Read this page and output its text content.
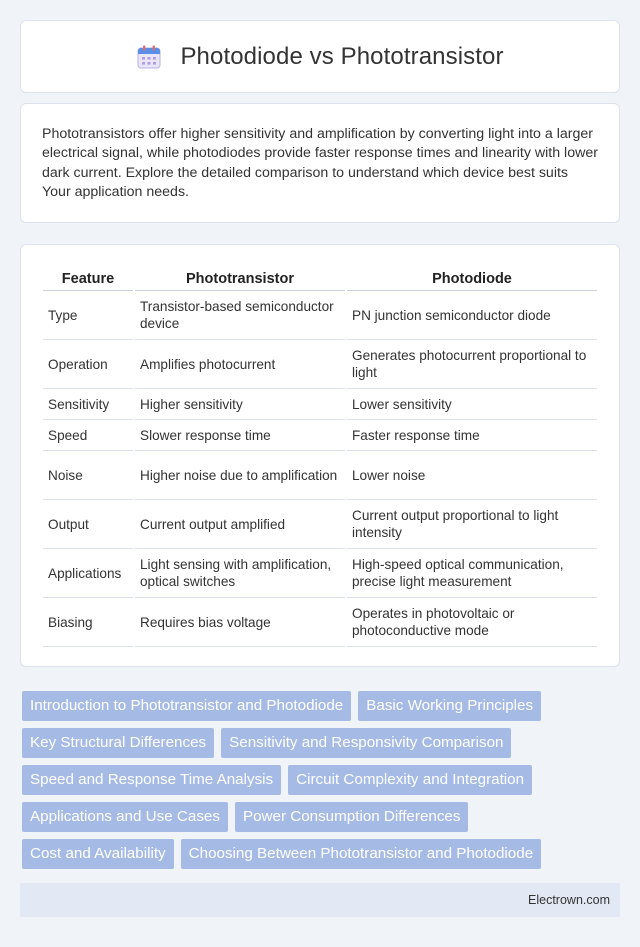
Photodiode vs Phototransistor

Phototransistors offer higher sensitivity and amplification by converting light into a larger electrical signal, while photodiodes provide faster response times and linearity with lower dark current. Explore the detailed comparison to understand which device best suits Your application needs.

Feature	Phototransistor	Photodiode
Type	Transistor-based semiconductor device	PN junction semiconductor diode
Operation	Amplifies photocurrent	Generates photocurrent proportional to light
Sensitivity	Higher sensitivity	Lower sensitivity
Speed	Slower response time	Faster response time
Noise	Higher noise due to amplification	Lower noise
Output	Current output amplified	Current output proportional to light intensity
Applications	Light sensing with amplification, optical switches	High-speed optical communication, precise light measurement
Biasing	Requires bias voltage	Operates in photovoltaic or photoconductive mode
Introduction to Phototransistor and Photodiode	Basic Working Principles
Key Structural Differences	Sensitivity and Responsivity Comparison
Speed and Response Time Analysis	Circuit Complexity and Integration
Applications and Use Cases	Power Consumption Differences
Cost and Availability	Choosing Between Phototransistor and Photodiode
Electrown.com
